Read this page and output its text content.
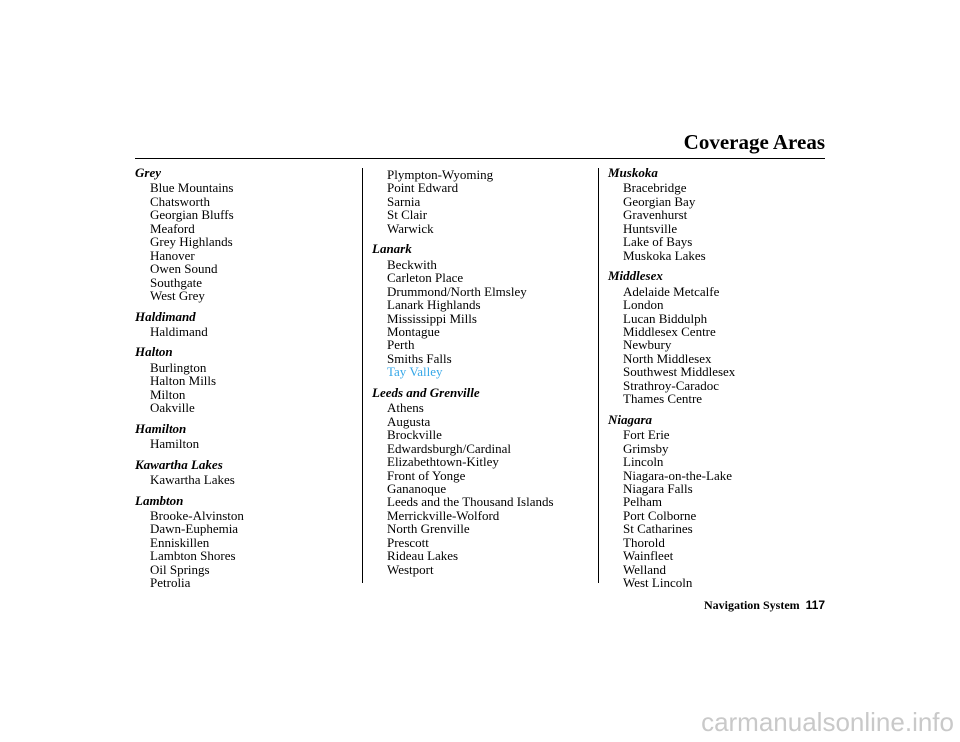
Coverage Areas
Grey
Blue Mountains
Chatsworth
Georgian Bluffs
Meaford
Grey Highlands
Hanover
Owen Sound
Southgate
West Grey
Haldimand
Haldimand
Halton
Burlington
Halton Mills
Milton
Oakville
Hamilton
Hamilton
Kawartha Lakes
Kawartha Lakes
Lambton
Brooke-Alvinston
Dawn-Euphemia
Enniskillen
Lambton Shores
Oil Springs
Petrolia
Plympton-Wyoming
Point Edward
Sarnia
St Clair
Warwick
Lanark
Beckwith
Carleton Place
Drummond/North Elmsley
Lanark Highlands
Mississippi Mills
Montague
Perth
Smiths Falls
Tay Valley
Leeds and Grenville
Athens
Augusta
Brockville
Edwardsburgh/Cardinal
Elizabethtown-Kitley
Front of Yonge
Gananoque
Leeds and the Thousand Islands
Merrickville-Wolford
North Grenville
Prescott
Rideau Lakes
Westport
Muskoka
Bracebridge
Georgian Bay
Gravenhurst
Huntsville
Lake of Bays
Muskoka Lakes
Middlesex
Adelaide Metcalfe
London
Lucan Biddulph
Middlesex Centre
Newbury
North Middlesex
Southwest Middlesex
Strathroy-Caradoc
Thames Centre
Niagara
Fort Erie
Grimsby
Lincoln
Niagara-on-the-Lake
Niagara Falls
Pelham
Port Colborne
St Catharines
Thorold
Wainfleet
Welland
West Lincoln
Navigation System 117
carmanualsonline.info
